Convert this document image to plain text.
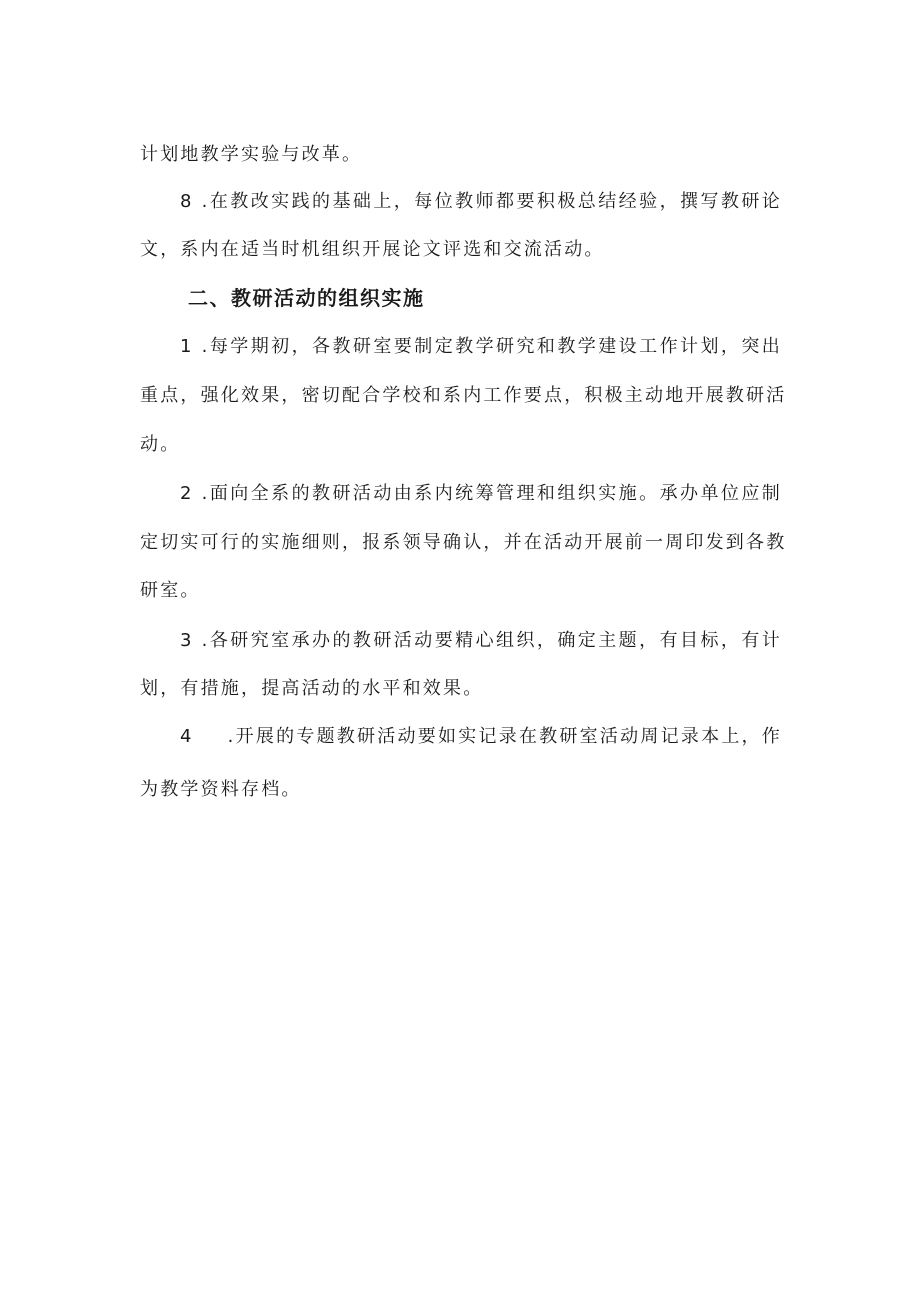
计划地教学实验与改革。
8 .在教改实践的基础上，每位教师都要积极总结经验，撰写教研论
文，系内在适当时机组织开展论文评选和交流活动。
二、教研活动的组织实施
1 .每学期初，各教研室要制定教学研究和教学建设工作计划，突出
重点，强化效果，密切配合学校和系内工作要点，积极主动地开展教研活
动。
2 .面向全系的教研活动由系内统筹管理和组织实施。承办单位应制
定切实可行的实施细则，报系领导确认，并在活动开展前一周印发到各教
研室。
3 .各研究室承办的教研活动要精心组织，确定主题，有目标，有计
划，有措施，提高活动的水平和效果。
4 .开展的专题教研活动要如实记录在教研室活动周记录本上，作
为教学资料存档。
